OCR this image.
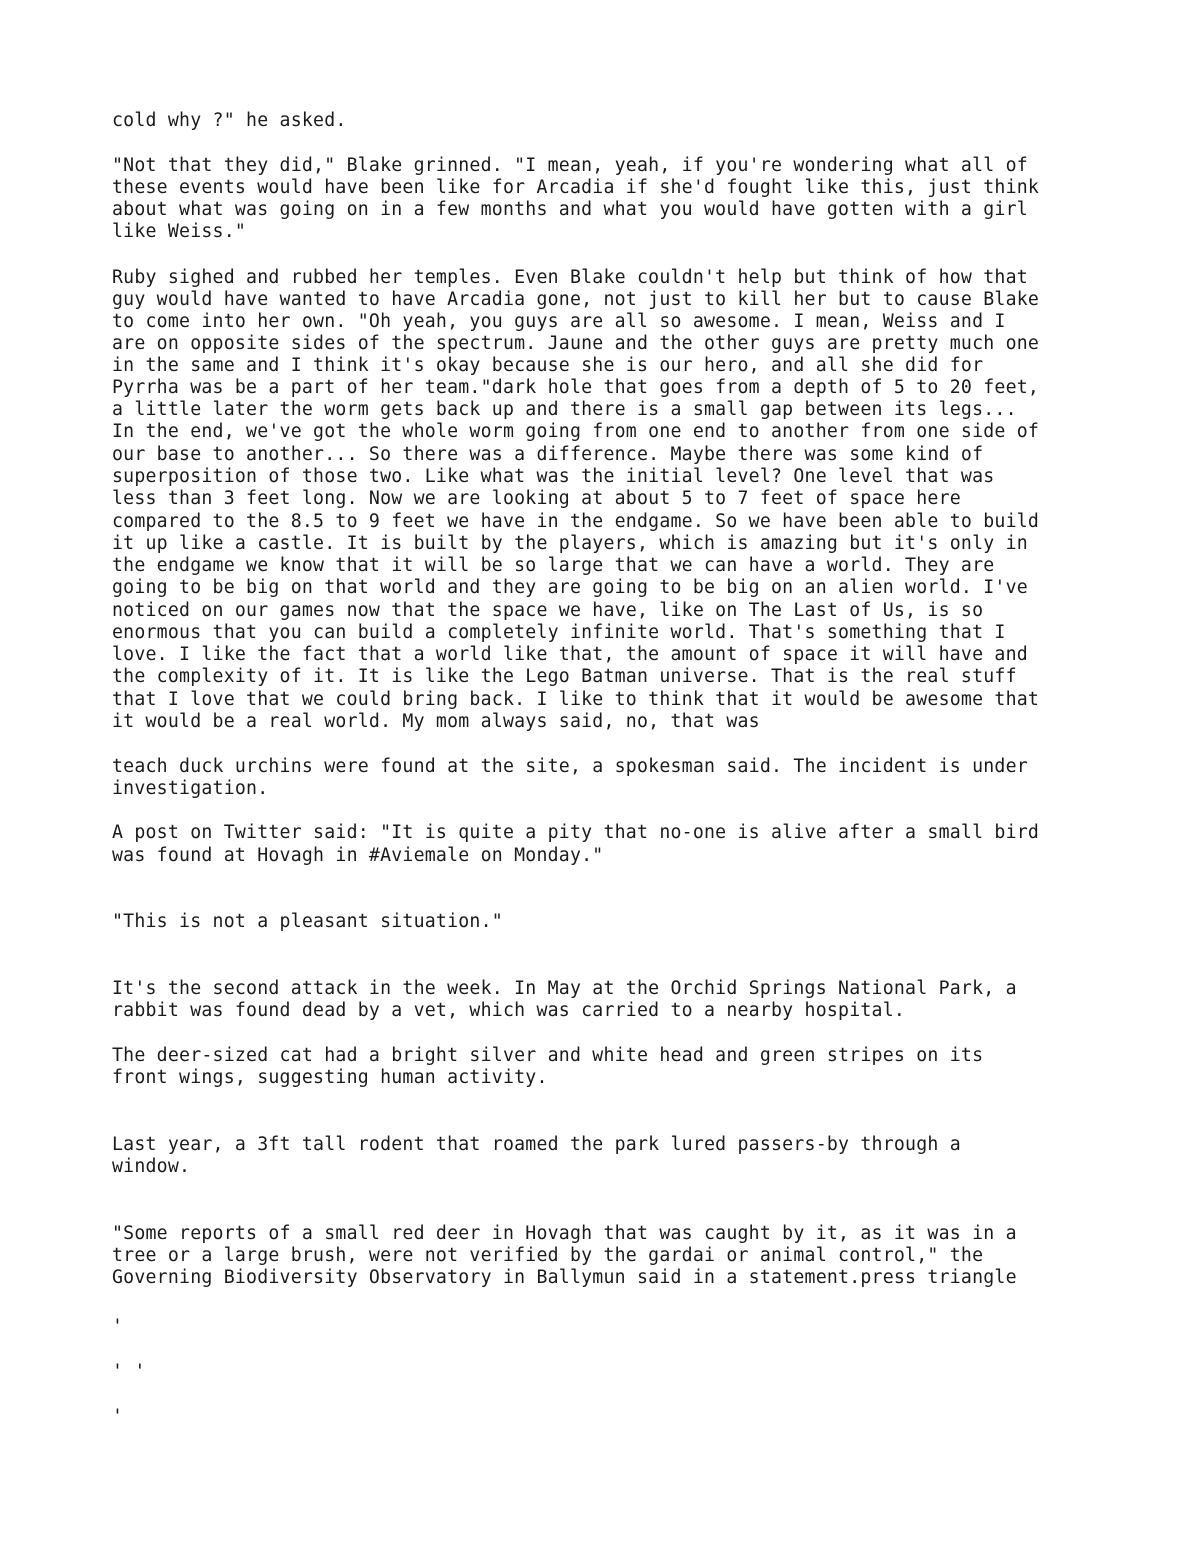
cold why ?" he asked.

"Not that they did," Blake grinned. "I mean, yeah, if you're wondering what all of

these events would have been like for Arcadia if she'd fought like this, just think

about what was going on in a few months and what you would have gotten with a girl

like Weiss."

Ruby sighed and rubbed her temples. Even Blake couldn't help but think of how that

guy would have wanted to have Arcadia gone, not just to kill her but to cause Blake

to come into her own. "Oh yeah, you guys are all so awesome. I mean, Weiss and I

are on opposite sides of the spectrum. Jaune and the other guys are pretty much one

in the same and I think it's okay because she is our hero, and all she did for

Pyrrha was be a part of her team."dark hole that goes from a depth of 5 to 20 feet,

a little later the worm gets back up and there is a small gap between its legs...

In the end, we've got the whole worm going from one end to another from one side of

our base to another... So there was a difference. Maybe there was some kind of

superposition of those two. Like what was the initial level? One level that was

less than 3 feet long. Now we are looking at about 5 to 7 feet of space here

compared to the 8.5 to 9 feet we have in the endgame. So we have been able to build

it up like a castle. It is built by the players, which is amazing but it's only in

the endgame we know that it will be so large that we can have a world. They are

going to be big on that world and they are going to be big on an alien world. I've

noticed on our games now that the space we have, like on The Last of Us, is so

enormous that you can build a completely infinite world. That's something that I

love. I like the fact that a world like that, the amount of space it will have and

the complexity of it. It is like the Lego Batman universe. That is the real stuff

that I love that we could bring back. I like to think that it would be awesome that

it would be a real world. My mom always said, no, that was

teach duck urchins were found at the site, a spokesman said. The incident is under

investigation.

A post on Twitter said: "It is quite a pity that no-one is alive after a small bird

was found at Hovagh in #Aviemale on Monday."

"This is not a pleasant situation."

It's the second attack in the week. In May at the Orchid Springs National Park, a

rabbit was found dead by a vet, which was carried to a nearby hospital.

The deer-sized cat had a bright silver and white head and green stripes on its

front wings, suggesting human activity.

Last year, a 3ft tall rodent that roamed the park lured passers-by through a

window.

"Some reports of a small red deer in Hovagh that was caught by it, as it was in a

tree or a large brush, were not verified by the gardai or animal control," the

Governing Biodiversity Observatory in Ballymun said in a statement.press triangle

'

' '

'
